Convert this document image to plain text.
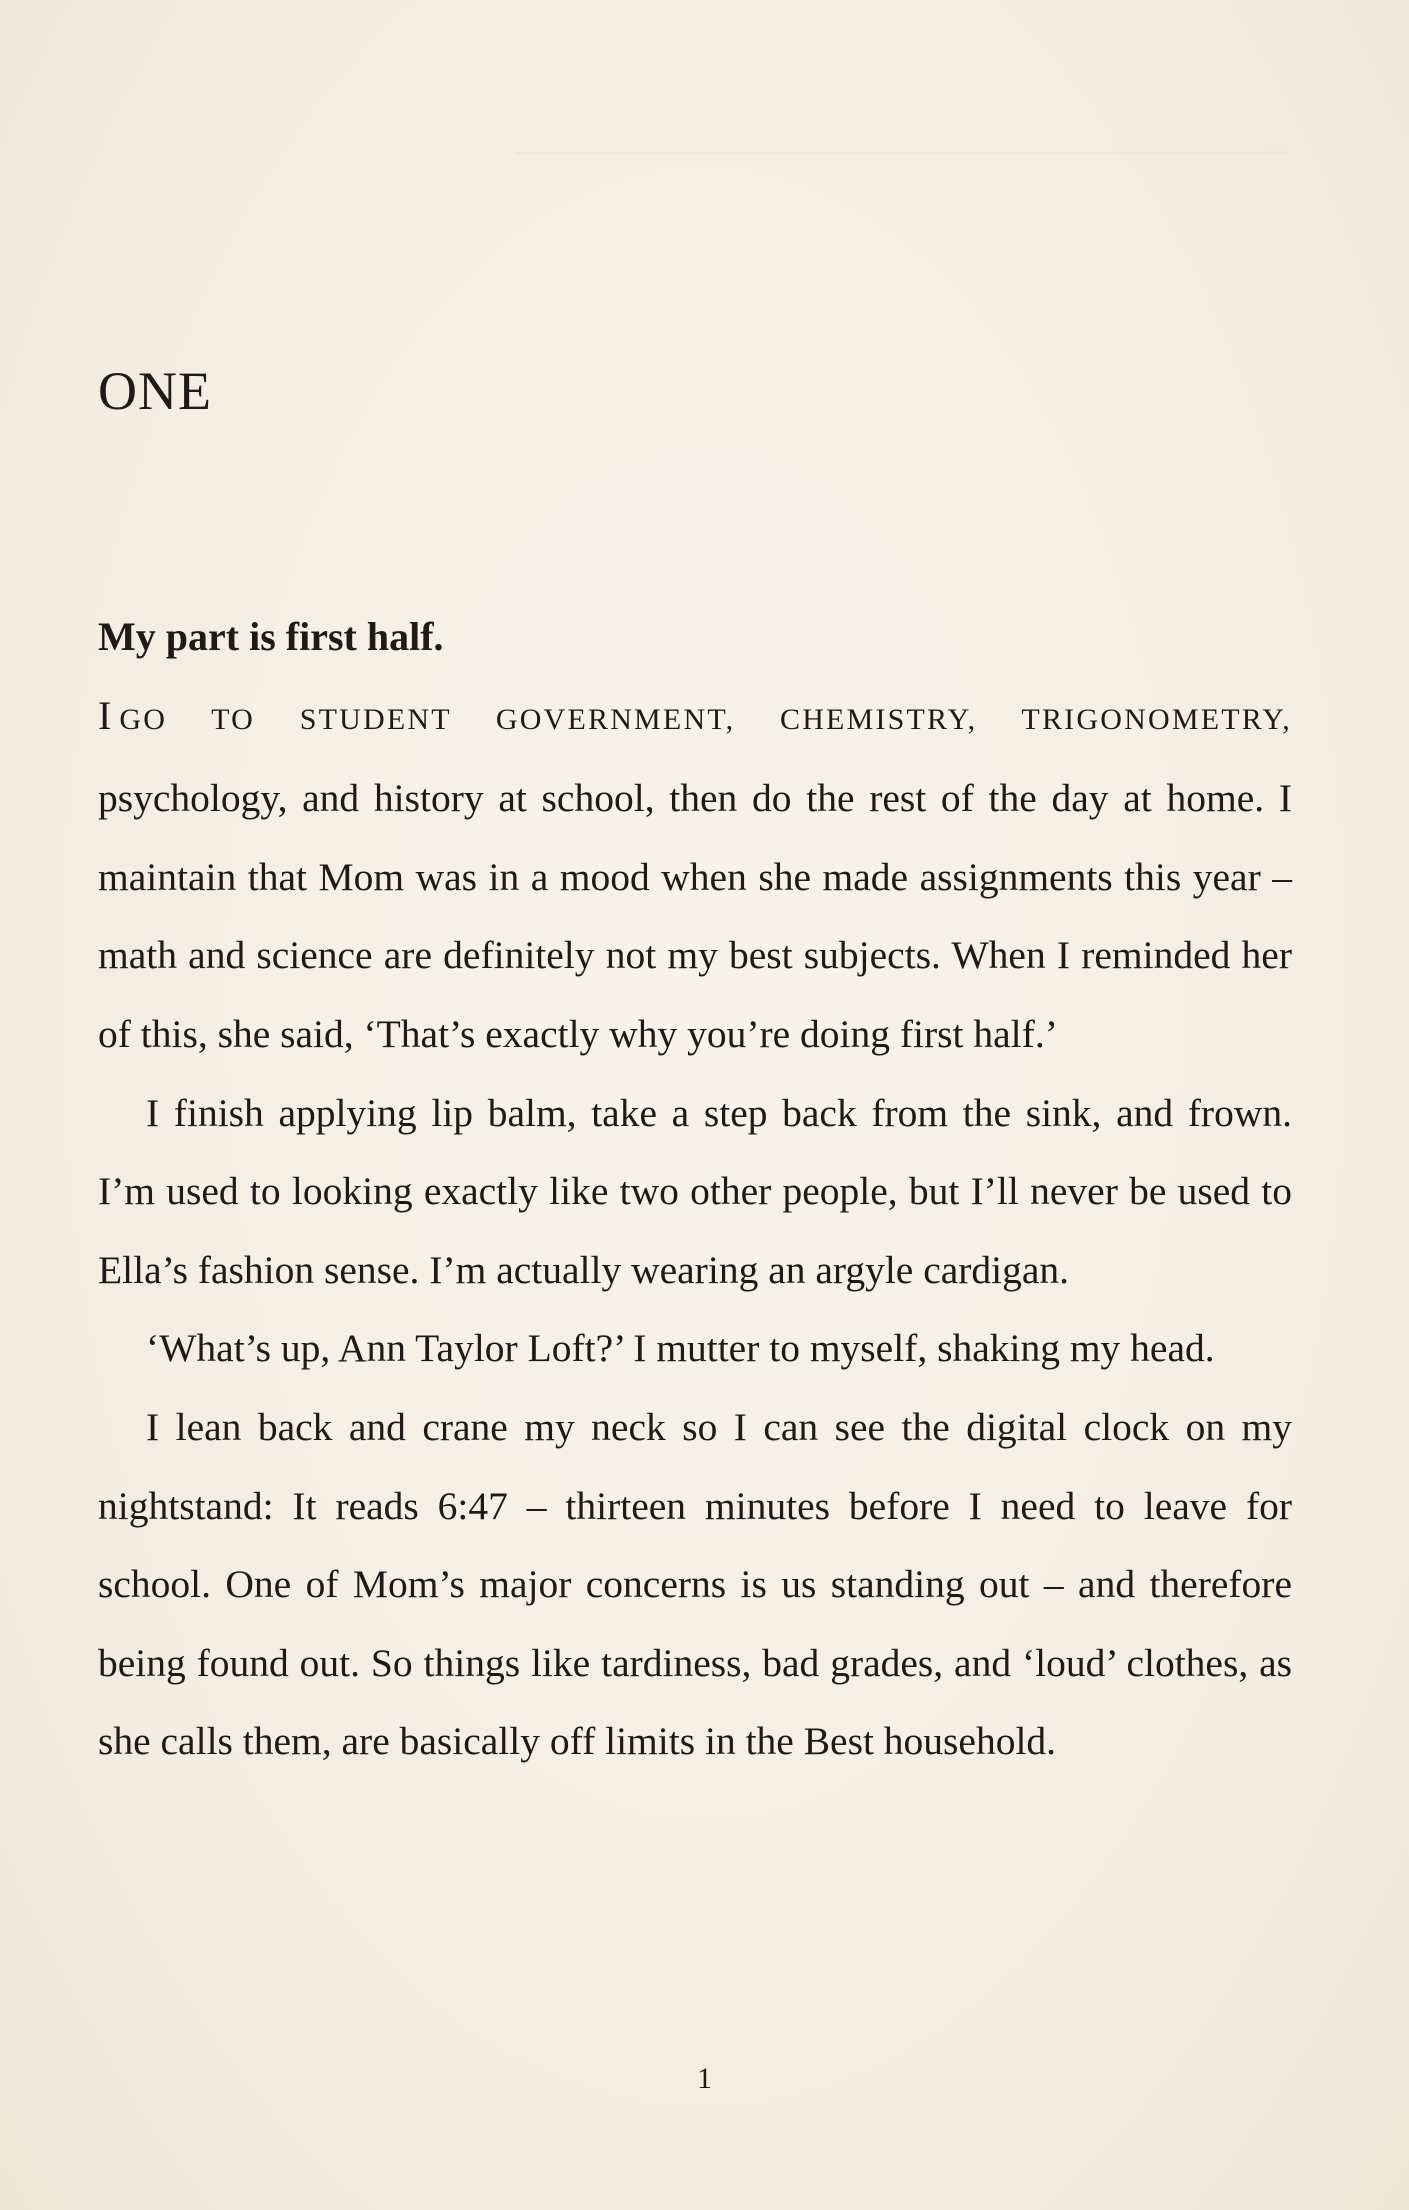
ONE
My part is first half.

I GO TO STUDENT GOVERNMENT, CHEMISTRY, TRIGONOMETRY, psychology, and history at school, then do the rest of the day at home. I maintain that Mom was in a mood when she made assignments this year – math and science are definitely not my best subjects. When I reminded her of this, she said, ‘That’s exactly why you’re doing first half.’

I finish applying lip balm, take a step back from the sink, and frown. I’m used to looking exactly like two other people, but I’ll never be used to Ella’s fashion sense. I’m actually wearing an argyle cardigan.

‘What’s up, Ann Taylor Loft?’ I mutter to myself, shaking my head.

I lean back and crane my neck so I can see the digital clock on my nightstand: It reads 6:47 – thirteen minutes before I need to leave for school. One of Mom’s major concerns is us standing out – and therefore being found out. So things like tardiness, bad grades, and ‘loud’ clothes, as she calls them, are basically off limits in the Best household.

1
